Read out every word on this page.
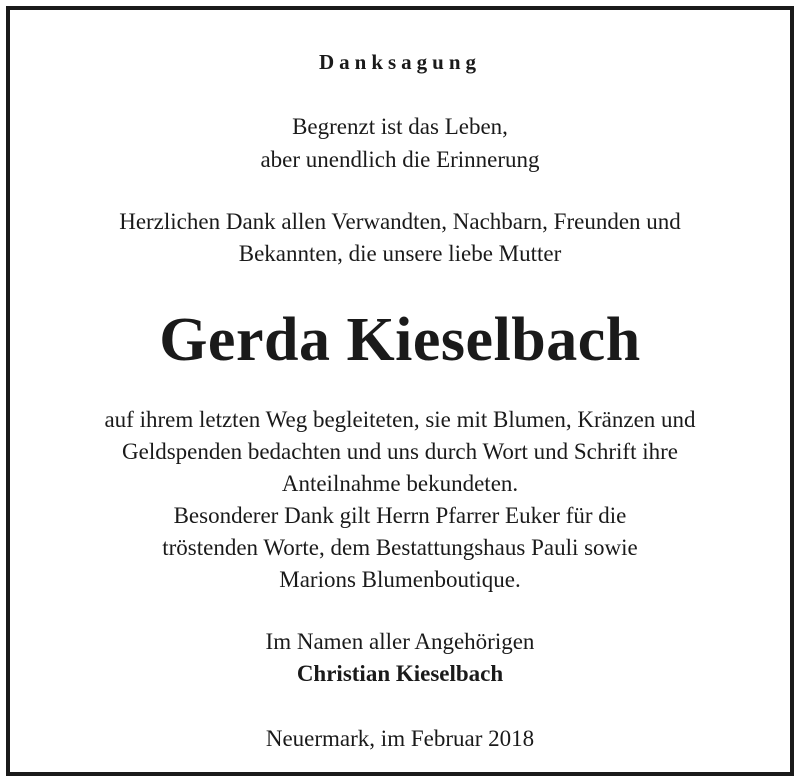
Danksagung
Begrenzt ist das Leben,
aber unendlich die Erinnerung
Herzlichen Dank allen Verwandten, Nachbarn, Freunden und
Bekannten, die unsere liebe Mutter
Gerda Kieselbach
auf ihrem letzten Weg begleiteten, sie mit Blumen, Kränzen und
Geldspenden bedachten und uns durch Wort und Schrift ihre
Anteilnahme bekundeten.
Besonderer Dank gilt Herrn Pfarrer Euker für die
tröstenden Worte, dem Bestattungshaus Pauli sowie
Marions Blumenboutique.
Im Namen aller Angehörigen
Christian Kieselbach
Neuermark, im Februar 2018
